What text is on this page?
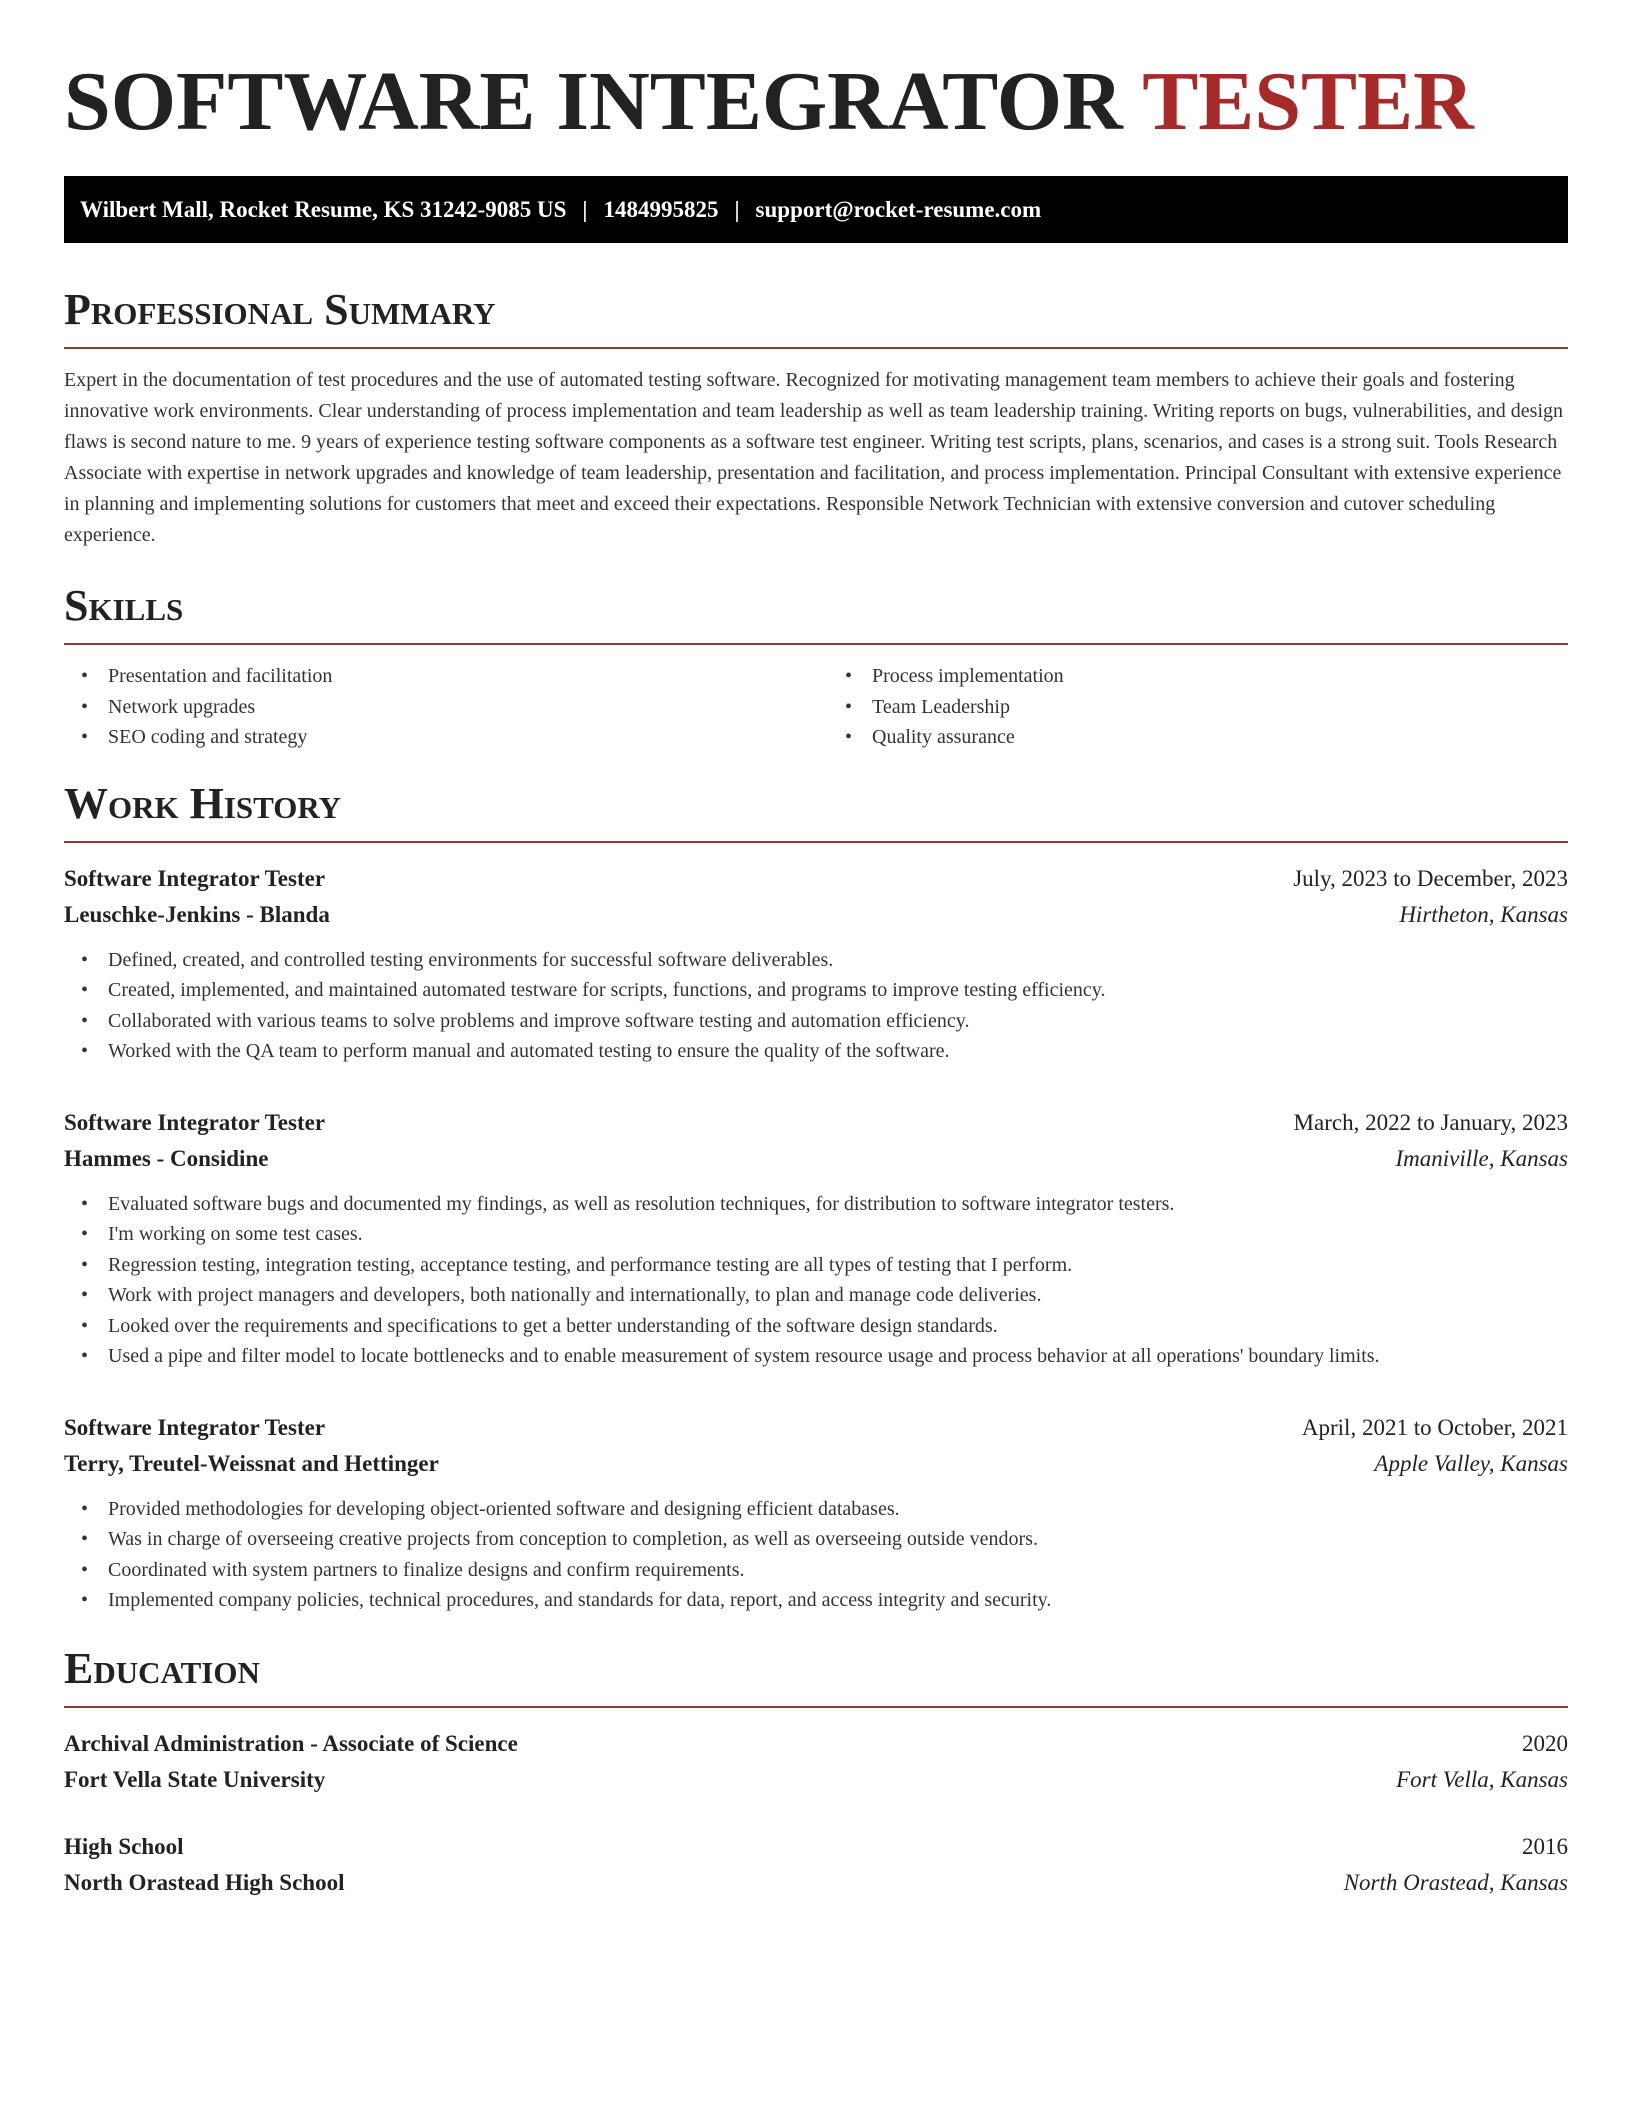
SOFTWARE INTEGRATOR TESTER
Wilbert Mall, Rocket Resume, KS 31242-9085 US | 1484995825 | support@rocket-resume.com
Professional Summary
Expert in the documentation of test procedures and the use of automated testing software. Recognized for motivating management team members to achieve their goals and fostering innovative work environments. Clear understanding of process implementation and team leadership as well as team leadership training. Writing reports on bugs, vulnerabilities, and design flaws is second nature to me. 9 years of experience testing software components as a software test engineer. Writing test scripts, plans, scenarios, and cases is a strong suit. Tools Research Associate with expertise in network upgrades and knowledge of team leadership, presentation and facilitation, and process implementation. Principal Consultant with extensive experience in planning and implementing solutions for customers that meet and exceed their expectations. Responsible Network Technician with extensive conversion and cutover scheduling experience.
Skills
• Presentation and facilitation
• Network upgrades
• SEO coding and strategy
• Process implementation
• Team Leadership
• Quality assurance
Work History
Software Integrator Tester	July, 2023 to December, 2023
Leuschke-Jenkins - Blanda	Hirtheton, Kansas
• Defined, created, and controlled testing environments for successful software deliverables.
• Created, implemented, and maintained automated testware for scripts, functions, and programs to improve testing efficiency.
• Collaborated with various teams to solve problems and improve software testing and automation efficiency.
• Worked with the QA team to perform manual and automated testing to ensure the quality of the software.
Software Integrator Tester	March, 2022 to January, 2023
Hammes - Considine	Imaniville, Kansas
• Evaluated software bugs and documented my findings, as well as resolution techniques, for distribution to software integrator testers.
• I'm working on some test cases.
• Regression testing, integration testing, acceptance testing, and performance testing are all types of testing that I perform.
• Work with project managers and developers, both nationally and internationally, to plan and manage code deliveries.
• Looked over the requirements and specifications to get a better understanding of the software design standards.
• Used a pipe and filter model to locate bottlenecks and to enable measurement of system resource usage and process behavior at all operations' boundary limits.
Software Integrator Tester	April, 2021 to October, 2021
Terry, Treutel-Weissnat and Hettinger	Apple Valley, Kansas
• Provided methodologies for developing object-oriented software and designing efficient databases.
• Was in charge of overseeing creative projects from conception to completion, as well as overseeing outside vendors.
• Coordinated with system partners to finalize designs and confirm requirements.
• Implemented company policies, technical procedures, and standards for data, report, and access integrity and security.
Education
Archival Administration - Associate of Science	2020
Fort Vella State University	Fort Vella, Kansas
High School	2016
North Orastead High School	North Orastead, Kansas
